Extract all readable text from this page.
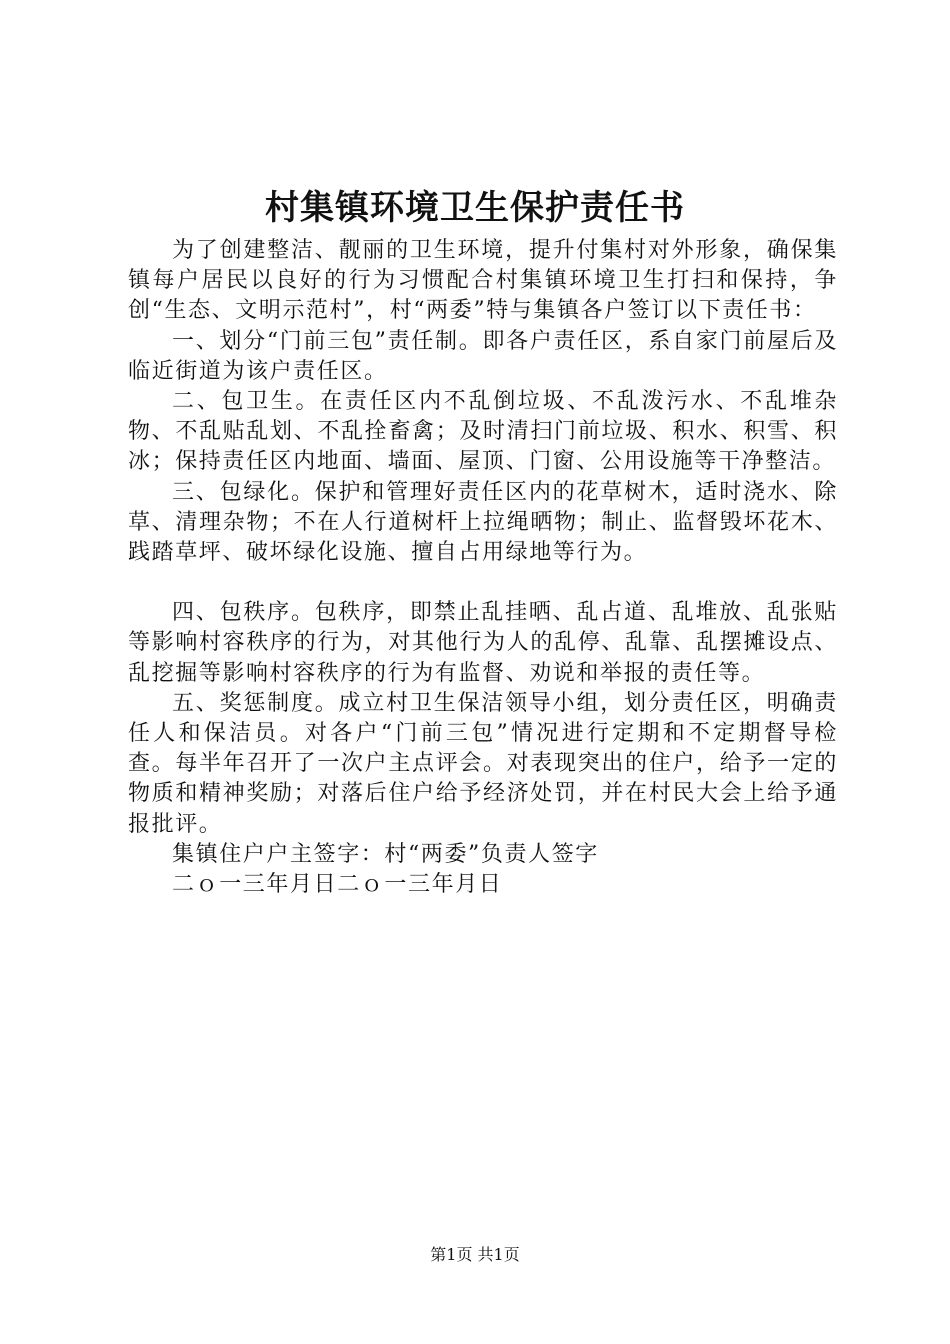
村集镇环境卫生保护责任书

为了创建整洁、靓丽的卫生环境，提升付集村对外形象，确保集镇每户居民以良好的行为习惯配合村集镇环境卫生打扫和保持，争创“生态、文明示范村”，村“两委”特与集镇各户签订以下责任书：

一、划分“门前三包”责任制。即各户责任区，系自家门前屋后及临近街道为该户责任区。

二、包卫生。在责任区内不乱倒垃圾、不乱泼污水、不乱堆杂物、不乱贴乱划、不乱拴畜禽；及时清扫门前垃圾、积水、积雪、积冰；保持责任区内地面、墙面、屋顶、门窗、公用设施等干净整洁。

三、包绿化。保护和管理好责任区内的花草树木，适时浇水、除草、清理杂物；不在人行道树杆上拉绳晒物；制止、监督毁坏花木、践踏草坪、破坏绿化设施、擅自占用绿地等行为。

四、包秩序。包秩序，即禁止乱挂晒、乱占道、乱堆放、乱张贴等影响村容秩序的行为，对其他行为人的乱停、乱靠、乱摆摊设点、乱挖掘等影响村容秩序的行为有监督、劝说和举报的责任等。

五、奖惩制度。成立村卫生保洁领导小组，划分责任区，明确责任人和保洁员。对各户“门前三包”情况进行定期和不定期督导检查。每半年召开了一次户主点评会。对表现突出的住户，给予一定的物质和精神奖励；对落后住户给予经济处罚，并在村民大会上给予通报批评。

集镇住户户主签字：村“两委”负责人签字

二ｏ一三年月日二ｏ一三年月日

第1页 共1页
